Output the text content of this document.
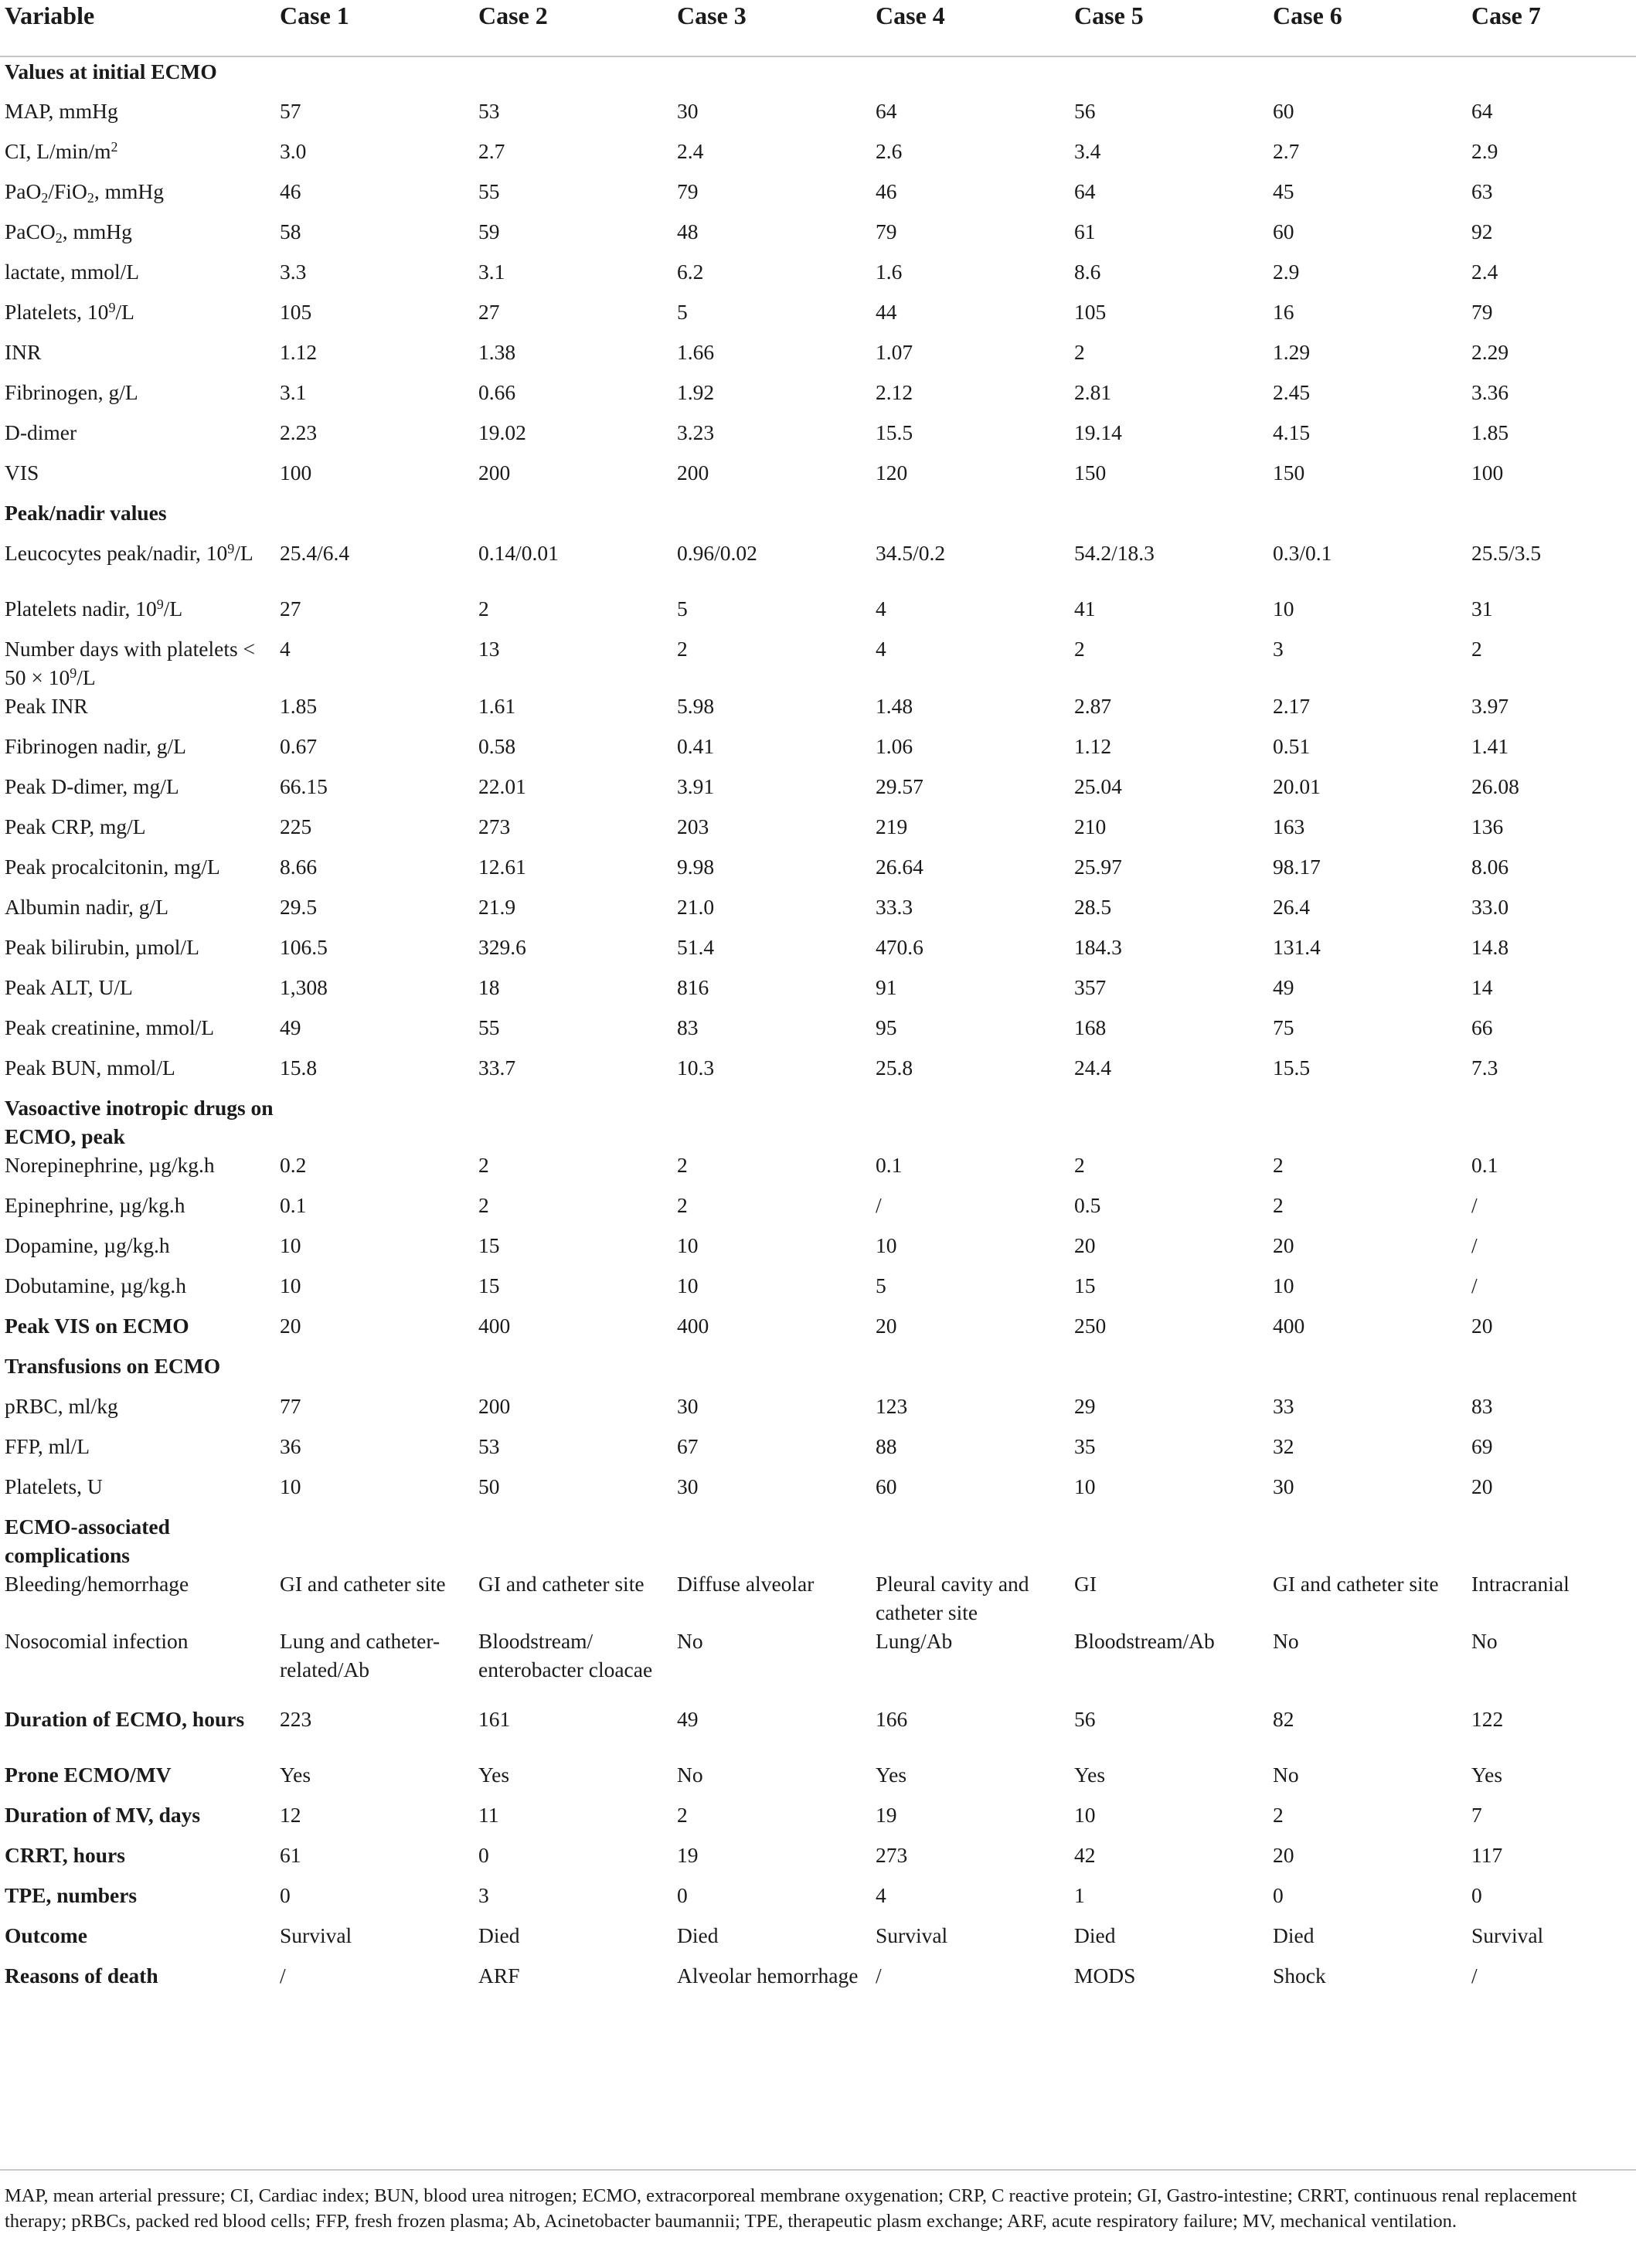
Variable	Case 1	Case 2	Case 3	Case 4	Case 5	Case 6	Case 7
Values at initial ECMO							
MAP, mmHg	57	53	30	64	56	60	64
CI, $L/\min/m^2$	3.0	2.7	2.4	2.6	3.4	2.7	2.9
PaO$_2$/FiO$_2$, mmHg	46	55	79	46	64	45	63
PaCO$_2$, mmHg	58	59	48	79	61	60	92
lactate, mmol/L	3.3	3.1	6.2	1.6	8.6	2.9	2.4
Platelets, $10^9/L$	105	27	5	44	105	16	79
INR	1.12	1.38	1.66	1.07	2	1.29	2.29
Fibrinogen, g/L	3.1	0.66	1.92	2.12	2.81	2.45	3.36
D-dimer	2.23	19.02	3.23	15.5	19.14	4.15	1.85
VIS	100	200	200	120	150	150	100
Peak/nadir values							
Leucocytes peak/nadir, $10^9/L$	25.4/6.4	0.14/0.01	0.96/0.02	34.5/0.2	54.2/18.3	0.3/0.1	25.5/3.5
Platelets nadir, $10^9/L$	27	2	5	4	41	10	31
Number days with platelets < $50 \times 10^9/L$	4	13	2	4	2	3	2
Peak INR	1.85	1.61	5.98	1.48	2.87	2.17	3.97
Fibrinogen nadir, g/L	0.67	0.58	0.41	1.06	1.12	0.51	1.41
Peak D-dimer, mg/L	66.15	22.01	3.91	29.57	25.04	20.01	26.08
Peak CRP, mg/L	225	273	203	219	210	163	136
Peak procalcitonin, mg/L	8.66	12.61	9.98	26.64	25.97	98.17	8.06
Albumin nadir, g/L	29.5	21.9	21.0	33.3	28.5	26.4	33.0
Peak bilirubin, µmol/L	106.5	329.6	51.4	470.6	184.3	131.4	14.8
Peak ALT, U/L	1,308	18	816	91	357	49	14
Peak creatinine, mmol/L	49	55	83	95	168	75	66
Peak BUN, mmol/L	15.8	33.7	10.3	25.8	24.4	15.5	7.3
Vasoactive inotropic drugs on ECMO, peak							
Norepinephrine, µg/kg.h	0.2	2	2	0.1	2	2	0.1
Epinephrine, µg/kg.h	0.1	2	2	/	0.5	2	/
Dopamine, µg/kg.h	10	15	10	10	20	20	/
Dobutamine, µg/kg.h	10	15	10	5	15	10	/
Peak VIS on ECMO	20	400	400	20	250	400	20
Transfusions on ECMO							
pRBC, ml/kg	77	200	30	123	29	33	83
FFP, ml/L	36	53	67	88	35	32	69
Platelets, U	10	50	30	60	10	30	20
ECMO-associated complications							
Bleeding/hemorrhage	GI and catheter site	GI and catheter site	Diffuse alveolar	Pleural cavity and catheter site	GI	GI and catheter site	Intracranial
Nosocomial infection	Lung and catheter-related/Ab	Bloodstream/ enterobacter cloacae	No	Lung/Ab	Bloodstream/Ab	No	No
Duration of ECMO, hours	223	161	49	166	56	82	122
Prone ECMO/MV	Yes	Yes	No	Yes	Yes	No	Yes
Duration of MV, days	12	11	2	19	10	2	7
CRRT, hours	61	0	19	273	42	20	117
TPE, numbers	0	3	0	4	1	0	0
Outcome	Survival	Died	Died	Survival	Died	Died	Survival
Reasons of death	/	ARF	Alveolar hemorrhage	/	MODS	Shock	/
MAP, mean arterial pressure; CI, Cardiac index; BUN, blood urea nitrogen; ECMO, extracorporeal membrane oxygenation; CRP, C reactive protein; GI, Gastro-intestine; CRRT, continuous renal replacement therapy; pRBCs, packed red blood cells; FFP, fresh frozen plasma; Ab, Acinetobacter baumannii; TPE, therapeutic plasm exchange; ARF, acute respiratory failure; MV, mechanical ventilation.
